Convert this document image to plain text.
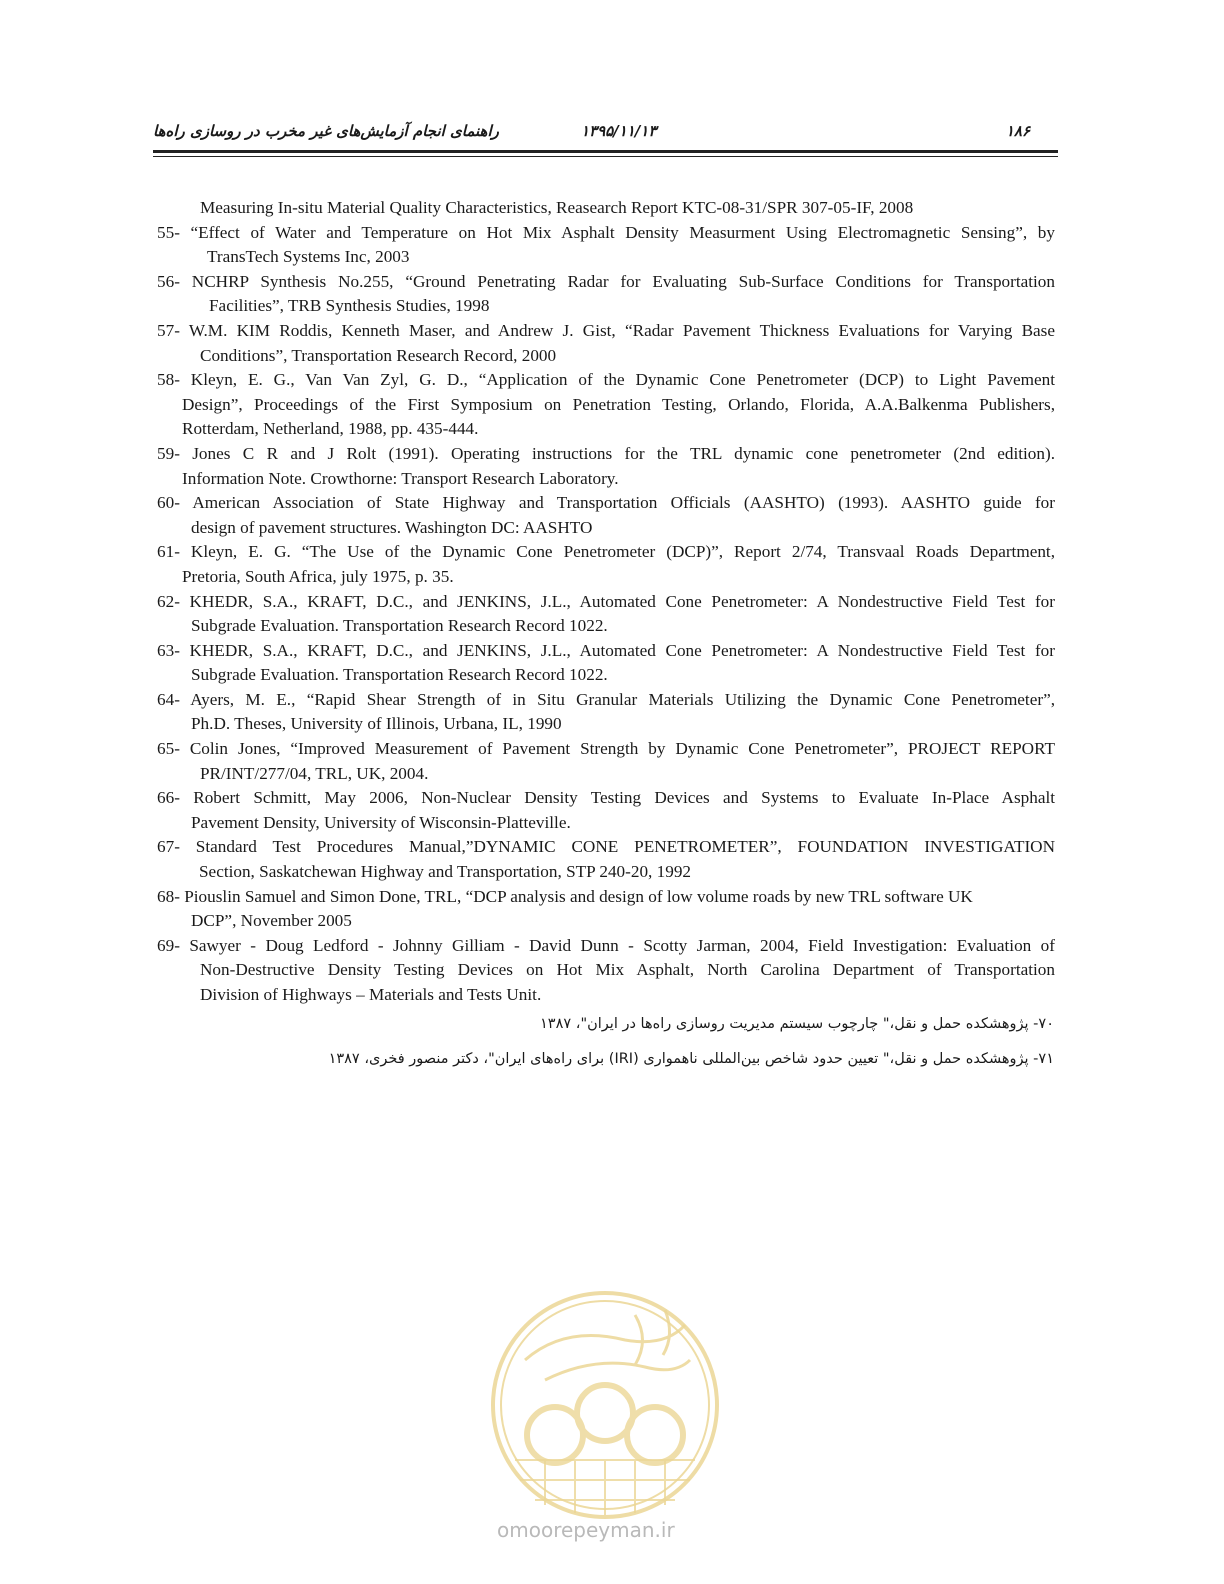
راهنمای انجام آزمایش‌های غیر مخرب در روسازی راه‌ها	۱۳۹۵/۱۱/۱۳	۱۸۶
Measuring In-situ Material Quality Characteristics, Reasearch Report KTC-08-31/SPR 307-05-IF, 2008
55- “Effect of Water and Temperature on Hot Mix Asphalt Density Measurment Using Electromagnetic Sensing”, by
TransTech Systems Inc, 2003
56- NCHRP Synthesis No.255, “Ground Penetrating Radar for Evaluating Sub-Surface Conditions for Transportation
Facilities”, TRB Synthesis Studies, 1998
57- W.M. KIM Roddis, Kenneth Maser, and Andrew J. Gist, “Radar Pavement Thickness Evaluations for Varying Base
Conditions”, Transportation Research Record, 2000
58- Kleyn, E. G., Van Van Zyl, G. D., “Application of the Dynamic Cone Penetrometer (DCP) to Light Pavement
Design”, Proceedings of the First Symposium on Penetration Testing, Orlando, Florida, A.A.Balkenma Publishers,
Rotterdam, Netherland, 1988, pp. 435-444.
59- Jones C R and J Rolt (1991). Operating instructions for the TRL dynamic cone penetrometer (2nd edition).
Information Note. Crowthorne: Transport Research Laboratory.
60- American Association of State Highway and Transportation Officials (AASHTO) (1993). AASHTO guide for
design of pavement structures. Washington DC: AASHTO
61- Kleyn, E. G. “The Use of the Dynamic Cone Penetrometer (DCP)”, Report 2/74, Transvaal Roads Department,
Pretoria, South Africa, july 1975, p. 35.
62- KHEDR, S.A., KRAFT, D.C., and JENKINS, J.L., Automated Cone Penetrometer: A Nondestructive Field Test for
Subgrade Evaluation. Transportation Research Record 1022.
63- KHEDR, S.A., KRAFT, D.C., and JENKINS, J.L., Automated Cone Penetrometer: A Nondestructive Field Test for
Subgrade Evaluation. Transportation Research Record 1022.
64- Ayers, M. E., “Rapid Shear Strength of in Situ Granular Materials Utilizing the Dynamic Cone Penetrometer”,
Ph.D. Theses, University of Illinois, Urbana, IL, 1990
65- Colin Jones, “Improved Measurement of Pavement Strength by Dynamic Cone Penetrometer”, PROJECT REPORT
PR/INT/277/04, TRL, UK, 2004.
66- Robert Schmitt, May 2006, Non-Nuclear Density Testing Devices and Systems to Evaluate In-Place Asphalt
Pavement Density, University of Wisconsin-Platteville.
67- Standard Test Procedures Manual,”DYNAMIC CONE PENETROMETER”, FOUNDATION INVESTIGATION
Section, Saskatchewan Highway and Transportation, STP 240-20, 1992
68- Piouslin Samuel and Simon Done, TRL, “DCP analysis and design of low volume roads by new TRL software UK
DCP”, November 2005
69- Sawyer - Doug Ledford - Johnny Gilliam - David Dunn - Scotty Jarman, 2004, Field Investigation: Evaluation of
Non-Destructive Density Testing Devices on Hot Mix Asphalt, North Carolina Department of Transportation
Division of Highways – Materials and Tests Unit.
۷۰- پژوهشکده حمل و نقل،" چارچوب سیستم مدیریت روسازی راه‌ها در ایران"، ۱۳۸۷
۷۱- پژوهشکده حمل و نقل،" تعیین حدود شاخص بین‌المللی ناهمواری (IRI) برای راه‌های ایران"، دکتر منصور فخری، ۱۳۸۷
omoorepeyman.ir
